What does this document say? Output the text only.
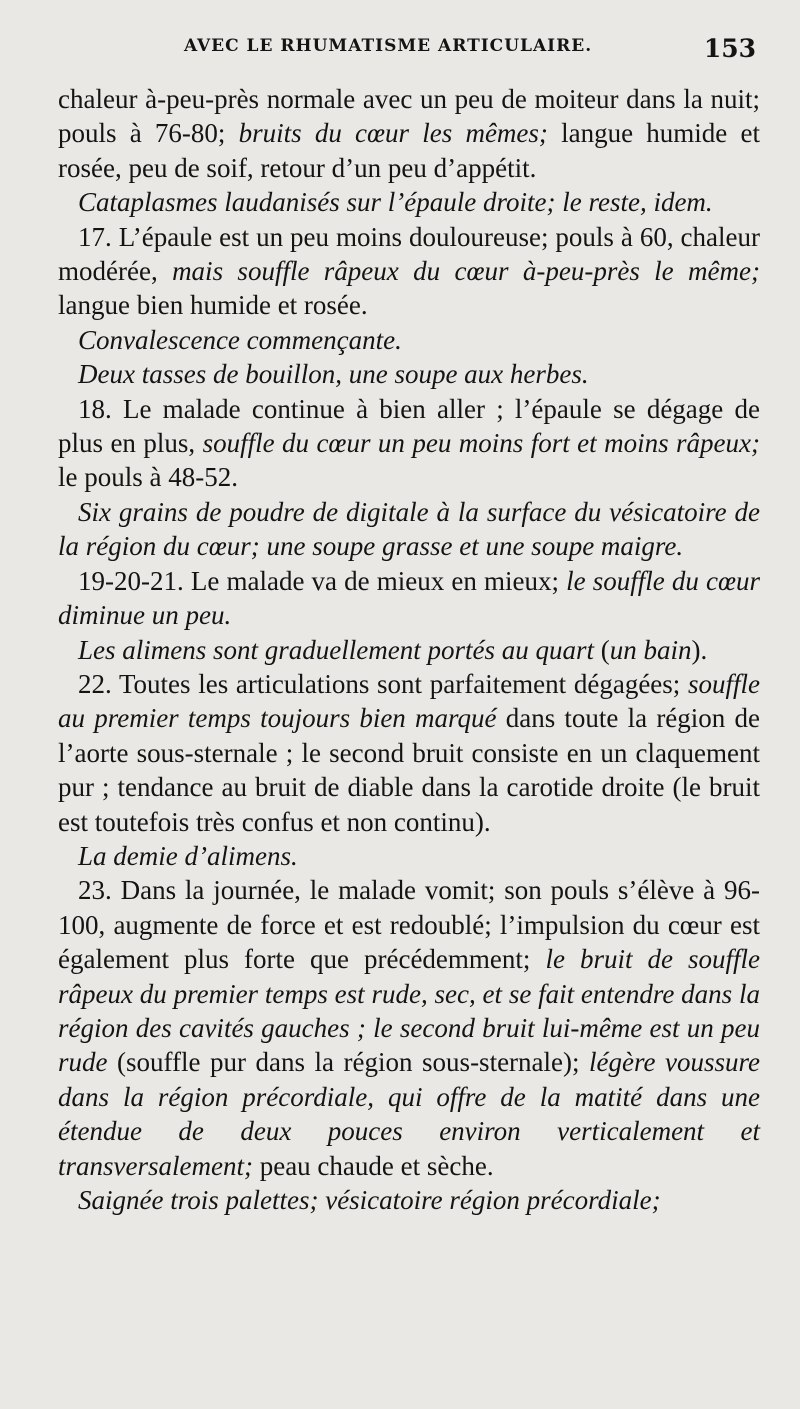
AVEC LE RHUMATISME ARTICULAIRE.	153

chaleur à-peu-près normale avec un peu de moiteur dans la nuit; pouls à 76-80; bruits du cœur les mêmes; langue humide et rosée, peu de soif, retour d’un peu d’appétit.

Cataplasmes laudanisés sur l’épaule droite; le reste, idem.

17. L’épaule est un peu moins douloureuse; pouls à 60, chaleur modérée, mais souffle râpeux du cœur à-peu-près le même; langue bien humide et rosée.

Convalescence commençante.

Deux tasses de bouillon, une soupe aux herbes.

18. Le malade continue à bien aller ; l’épaule se dégage de plus en plus, souffle du cœur un peu moins fort et moins râpeux; le pouls à 48-52.

Six grains de poudre de digitale à la surface du vésicatoire de la région du cœur; une soupe grasse et une soupe maigre.

19-20-21. Le malade va de mieux en mieux; le souffle du cœur diminue un peu.

Les alimens sont graduellement portés au quart (un bain).

22. Toutes les articulations sont parfaitement dégagées; souffle au premier temps toujours bien marqué dans toute la région de l’aorte sous-sternale ; le second bruit consiste en un claquement pur ; tendance au bruit de diable dans la carotide droite (le bruit est toutefois très confus et non continu).

La demie d’alimens.

23. Dans la journée, le malade vomit; son pouls s’élève à 96-100, augmente de force et est redoublé; l’impulsion du cœur est également plus forte que précédemment; le bruit de souffle râpeux du premier temps est rude, sec, et se fait entendre dans la région des cavités gauches ; le second bruit lui-même est un peu rude (souffle pur dans la région sous-sternale); légère voussure dans la région précordiale, qui offre de la matité dans une étendue de deux pouces environ verticalement et transversalement; peau chaude et sèche.

Saignée trois palettes; vésicatoire région précordiale;
